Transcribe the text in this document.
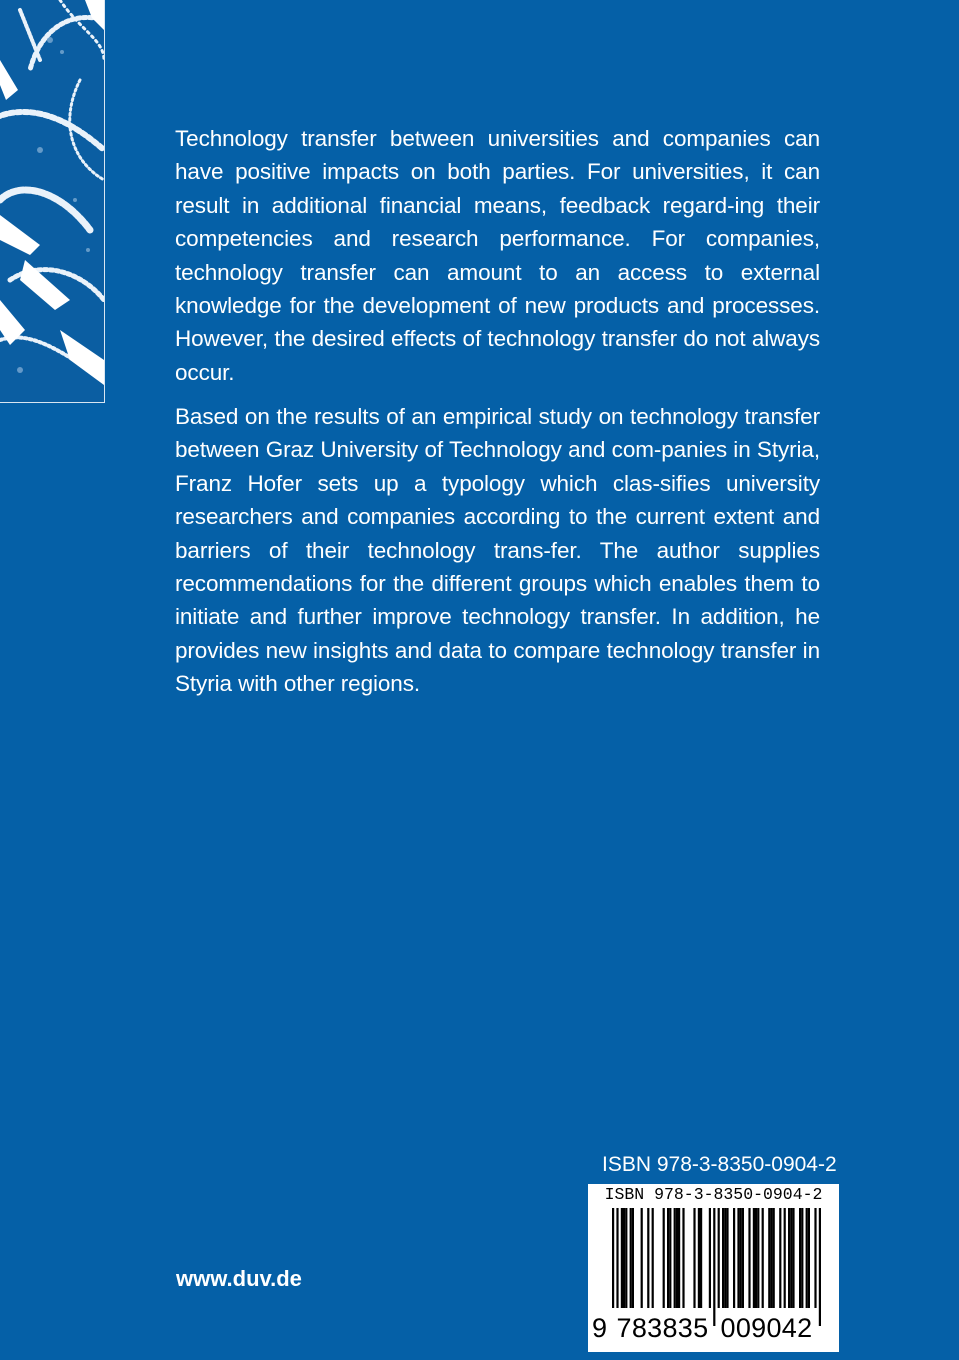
Technology transfer between universities and companies can have positive impacts on both parties. For universities, it can result in additional financial means, feedback regard-ing their competencies and research performance. For companies, technology transfer can amount to an access to external knowledge for the development of new products and processes. However, the desired effects of technology transfer do not always occur.

Based on the results of an empirical study on technology transfer between Graz University of Technology and com-panies in Styria, Franz Hofer sets up a typology which clas-sifies university researchers and companies according to the current extent and barriers of their technology trans-fer. The author supplies recommendations for the different groups which enables them to initiate and further improve technology transfer. In addition, he provides new insights and data to compare technology transfer in Styria with other regions.

ISBN 978-3-8350-0904-2
ISBN 978-3-8350-0904-2
9 783835 009042
www.duv.de
